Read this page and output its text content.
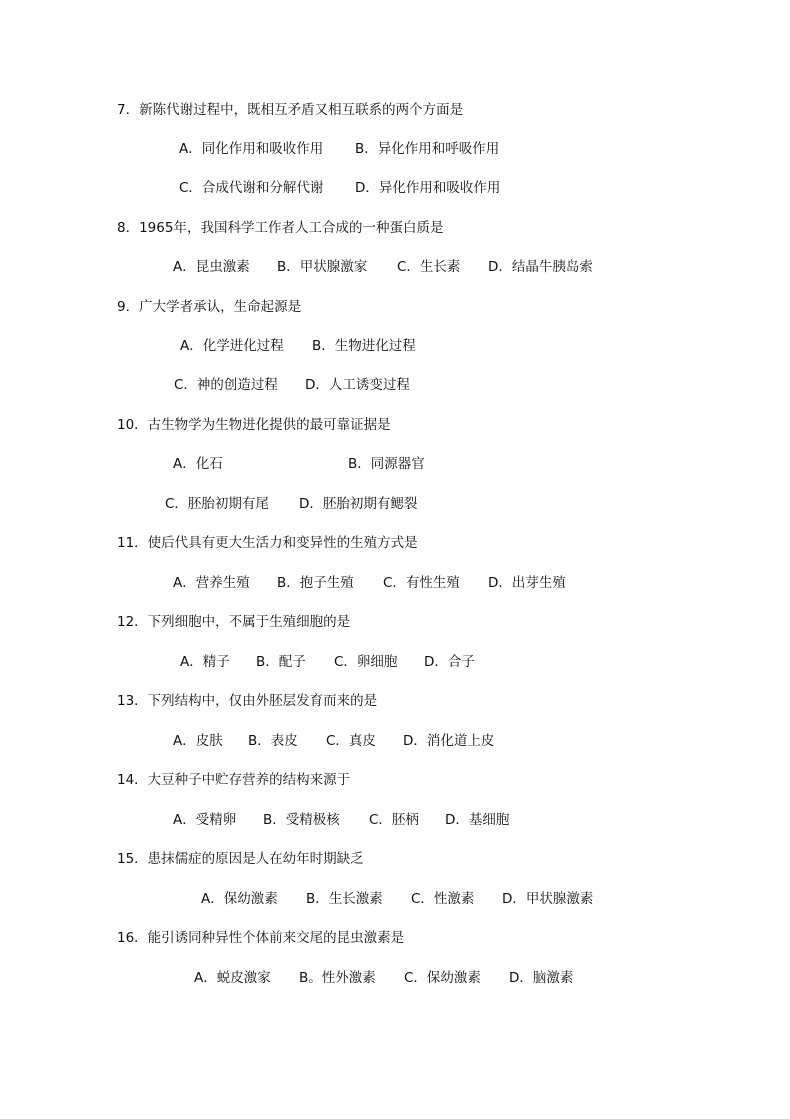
7．新陈代谢过程中，既相互矛盾又相互联系的两个方面是
A．同化作用和吸收作用 B．异化作用和呼吸作用
C．合成代谢和分解代谢 D．异化作用和吸收作用
8．1965年，我国科学工作者人工合成的一种蛋白质是
A．昆虫激素 B．甲状腺激家 C．生长素 D．结晶牛胰岛索
9．广大学者承认，生命起源是
A．化学进化过程 B．生物进化过程
C．神的创造过程 D．人工诱变过程
10．古生物学为生物进化提供的最可靠证据是
A．化石	B．同源器官
C．胚胎初期有尾 D．胚胎初期有鳃裂
11．使后代具有更大生活力和变异性的生殖方式是
A．营养生殖 B．抱子生殖 C．有性生殖 D．出芽生殖
12．下列细胞中，不属于生殖细胞的是
A．精子 B．配子 C．卵细胞 D．合子
13．下列结构中，仅由外胚层发育而来的是
A．皮肤 B．表皮 C．真皮 D．消化道上皮
14．大豆种子中贮存营养的结构来源于
A．受精卵 B．受精极核 C．胚柄 D．基细胞
15．患抹儒症的原因是人在幼年时期缺乏
A．保幼激素 B．生长激素 C．性激素 D．甲状腺激素
16．能引诱同种异性个体前来交尾的昆虫激素是
A．蜕皮激家 B。性外激素 C．保幼激素 D．脑激素
